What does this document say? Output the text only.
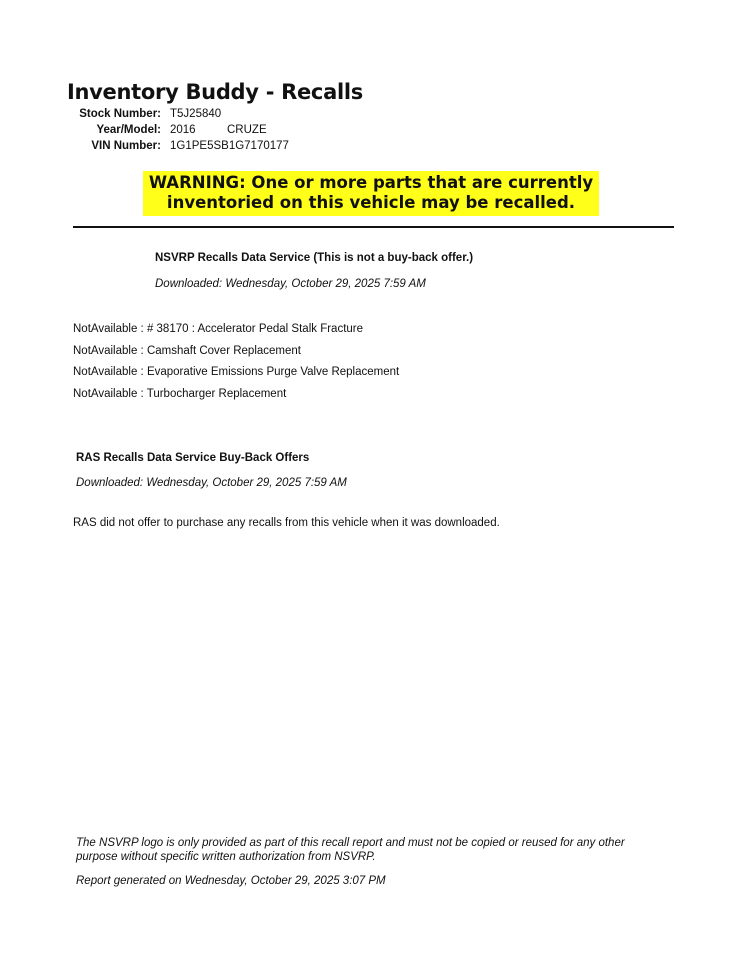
Inventory Buddy - Recalls
Stock Number: T5J25840
Year/Model: 2016	CRUZE
VIN Number: 1G1PE5SB1G7170177
WARNING: One or more parts that are currently
inventoried on this vehicle may be recalled.
NSVRP Recalls Data Service (This is not a buy-back offer.)
Downloaded: Wednesday, October 29, 2025 7:59 AM
NotAvailable : # 38170 : Accelerator Pedal Stalk Fracture
NotAvailable : Camshaft Cover Replacement
NotAvailable : Evaporative Emissions Purge Valve Replacement
NotAvailable : Turbocharger Replacement
RAS Recalls Data Service Buy-Back Offers
Downloaded: Wednesday, October 29, 2025 7:59 AM
RAS did not offer to purchase any recalls from this vehicle when it was downloaded.
The NSVRP logo is only provided as part of this recall report and must not be copied or reused for any other purpose without specific written authorization from NSVRP.
Report generated on Wednesday, October 29, 2025 3:07 PM
